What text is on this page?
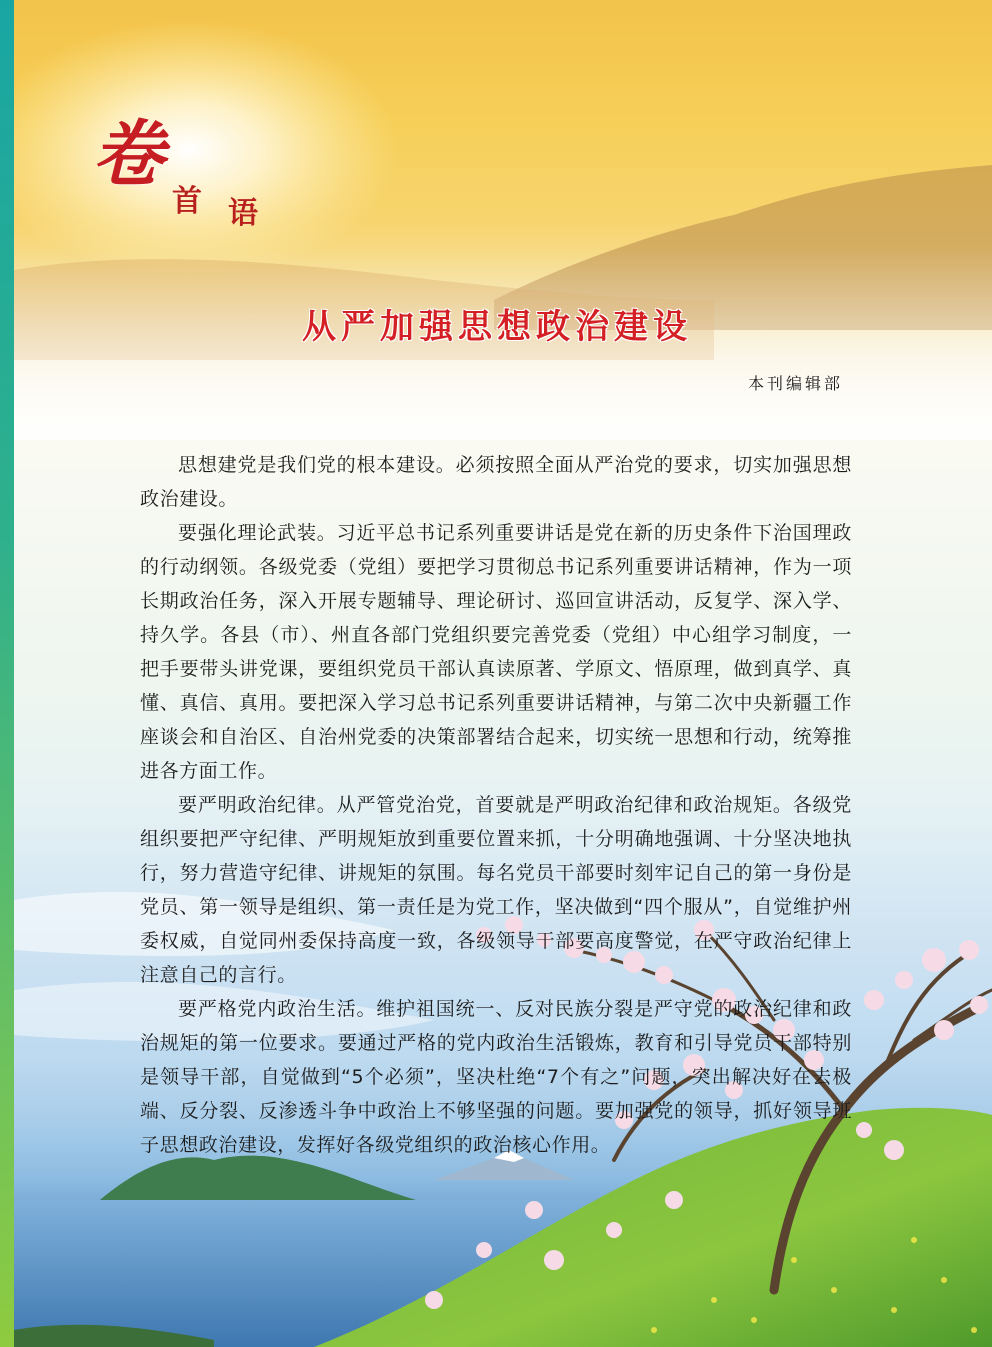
卷
首 语
从严加强思想政治建设
本刊编辑部

思想建党是我们党的根本建设。必须按照全面从严治党的要求，切实加强思想政治建设。

要强化理论武装。习近平总书记系列重要讲话是党在新的历史条件下治国理政的行动纲领。各级党委（党组）要把学习贯彻总书记系列重要讲话精神，作为一项长期政治任务，深入开展专题辅导、理论研讨、巡回宣讲活动，反复学、深入学、持久学。各县（市）、州直各部门党组织要完善党委（党组）中心组学习制度，一把手要带头讲党课，要组织党员干部认真读原著、学原文、悟原理，做到真学、真懂、真信、真用。要把深入学习总书记系列重要讲话精神，与第二次中央新疆工作座谈会和自治区、自治州党委的决策部署结合起来，切实统一思想和行动，统筹推进各方面工作。

要严明政治纪律。从严管党治党，首要就是严明政治纪律和政治规矩。各级党组织要把严守纪律、严明规矩放到重要位置来抓，十分明确地强调、十分坚决地执行，努力营造守纪律、讲规矩的氛围。每名党员干部要时刻牢记自己的第一身份是党员、第一领导是组织、第一责任是为党工作，坚决做到“四个服从”，自觉维护州委权威，自觉同州委保持高度一致，各级领导干部要高度警觉，在严守政治纪律上注意自己的言行。

要严格党内政治生活。维护祖国统一、反对民族分裂是严守党的政治纪律和政治规矩的第一位要求。要通过严格的党内政治生活锻炼，教育和引导党员干部特别是领导干部，自觉做到“5个必须”，坚决杜绝“7个有之”问题，突出解决好在去极端、反分裂、反渗透斗争中政治上不够坚强的问题。要加强党的领导，抓好领导班子思想政治建设，发挥好各级党组织的政治核心作用。
